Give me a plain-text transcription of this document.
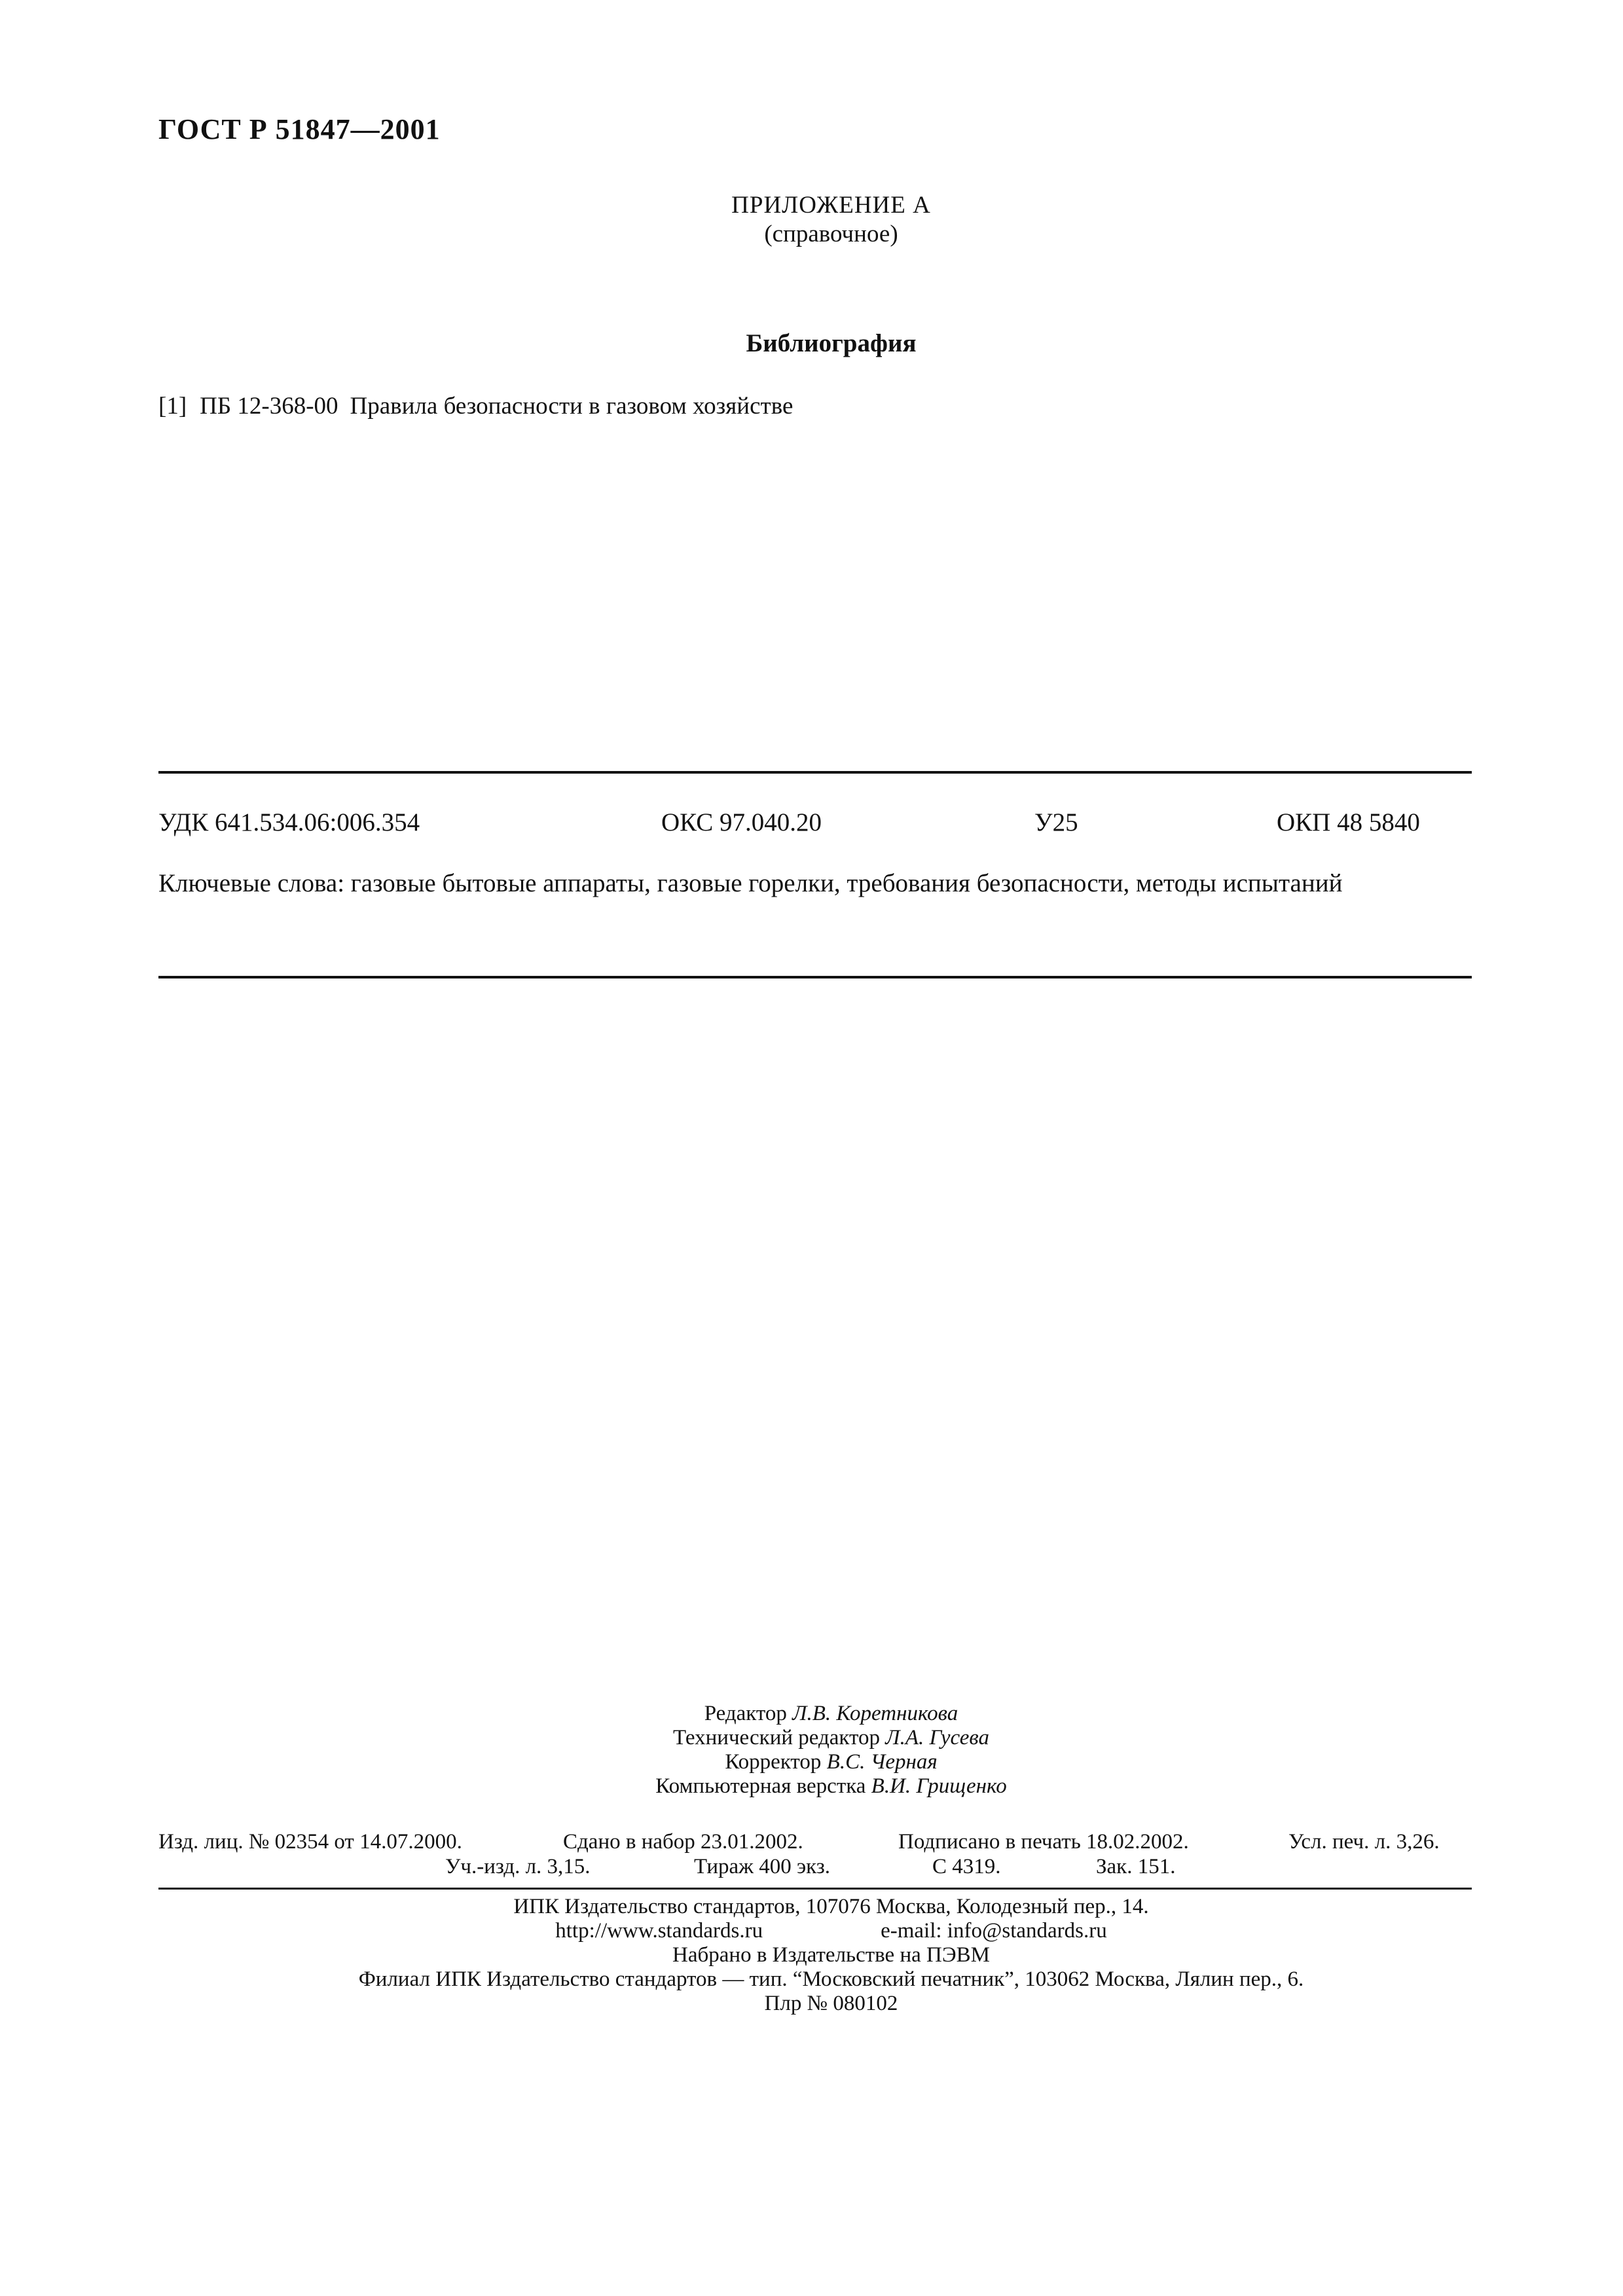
ГОСТ Р 51847—2001
ПРИЛОЖЕНИЕ А
(справочное)
Библиография
[1] ПБ 12-368-00 Правила безопасности в газовом хозяйстве
УДК 641.534.06:006.354	ОКС 97.040.20	У25	ОКП 48 5840
Ключевые слова: газовые бытовые аппараты, газовые горелки, требования безопасности, методы испытаний
Редактор Л.В. Коретникова
Технический редактор Л.А. Гусева
Корректор В.С. Черная
Компьютерная верстка В.И. Грищенко
Изд. лиц. № 02354 от 14.07.2000.	Сдано в набор 23.01.2002.	Подписано в печать 18.02.2002.	Усл. печ. л. 3,26.
Уч.-изд. л. 3,15.	Тираж 400 экз.	С 4319.	Зак. 151.
ИПК Издательство стандартов, 107076 Москва, Колодезный пер., 14.
http://www.standards.ru	e-mail: info@standards.ru
Набрано в Издательстве на ПЭВМ
Филиал ИПК Издательство стандартов — тип. “Московский печатник”, 103062 Москва, Лялин пер., 6.
Плр № 080102
